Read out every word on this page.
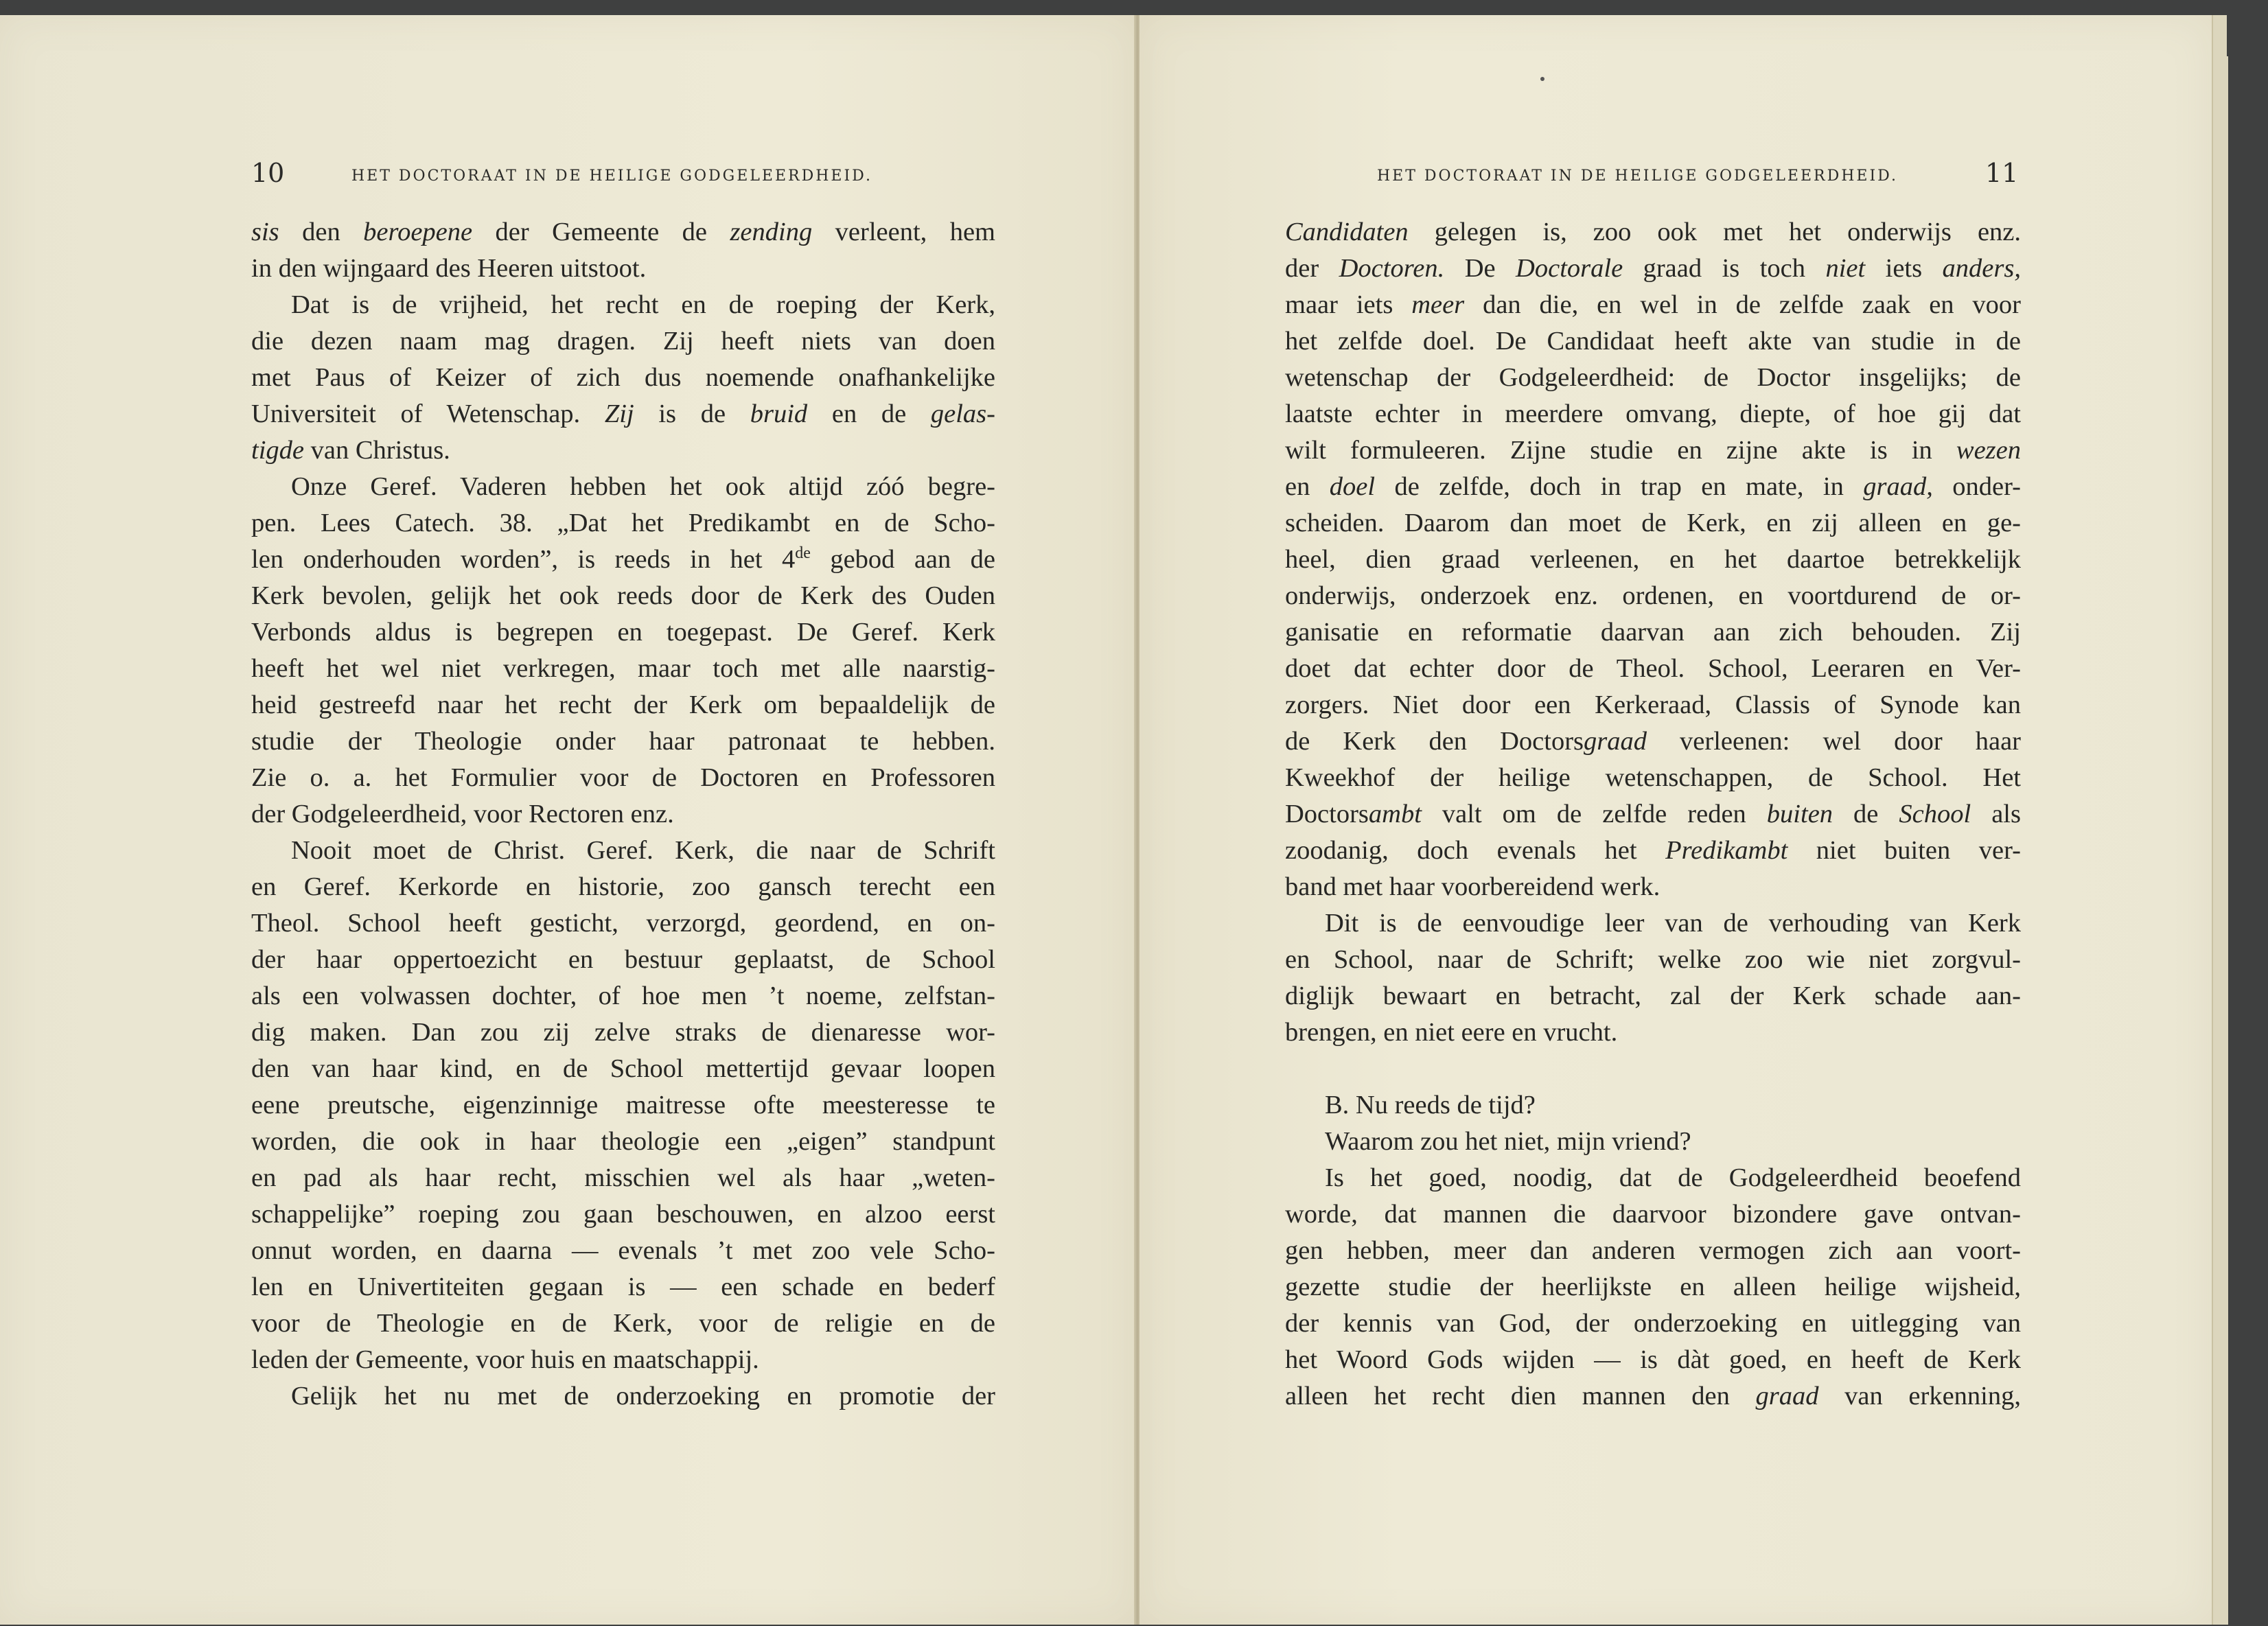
10	HET DOCTORAAT IN DE HEILIGE GODGELEERDHEID.	HET DOCTORAAT IN DE HEILIGE GODGELEERDHEID.	11
sis den beroepene der Gemeente de zending verleent, hem
in den wijngaard des Heeren uitstoot.
Dat is de vrijheid, het recht en de roeping der Kerk,
die dezen naam mag dragen. Zij heeft niets van doen
met Paus of Keizer of zich dus noemende onafhankelijke
Universiteit of Wetenschap. Zij is de bruid en de gelas-
tigde van Christus.
Onze Geref. Vaderen hebben het ook altijd zóó begre-
pen. Lees Catech. 38. „Dat het Predikambt en de Scho-
len onderhouden worden”, is reeds in het 4de gebod aan de
Kerk bevolen, gelijk het ook reeds door de Kerk des Ouden
Verbonds aldus is begrepen en toegepast. De Geref. Kerk
heeft het wel niet verkregen, maar toch met alle naarstig-
heid gestreefd naar het recht der Kerk om bepaaldelijk de
studie der Theologie onder haar patronaat te hebben.
Zie o. a. het Formulier voor de Doctoren en Professoren
der Godgeleerdheid, voor Rectoren enz.
Nooit moet de Christ. Geref. Kerk, die naar de Schrift
en Geref. Kerkorde en historie, zoo gansch terecht een
Theol. School heeft gesticht, verzorgd, geordend, en on-
der haar oppertoezicht en bestuur geplaatst, de School
als een volwassen dochter, of hoe men ’t noeme, zelfstan-
dig maken. Dan zou zij zelve straks de dienaresse wor-
den van haar kind, en de School mettertijd gevaar loopen
eene preutsche, eigenzinnige maitresse ofte meesteresse te
worden, die ook in haar theologie een „eigen” standpunt
en pad als haar recht, misschien wel als haar „weten-
schappelijke” roeping zou gaan beschouwen, en alzoo eerst
onnut worden, en daarna — evenals ’t met zoo vele Scho-
len en Univertiteiten gegaan is — een schade en bederf
voor de Theologie en de Kerk, voor de religie en de
leden der Gemeente, voor huis en maatschappij.
Gelijk het nu met de onderzoeking en promotie der
Candidaten gelegen is, zoo ook met het onderwijs enz.
der Doctoren. De Doctorale graad is toch niet iets anders,
maar iets meer dan die, en wel in de zelfde zaak en voor
het zelfde doel. De Candidaat heeft akte van studie in de
wetenschap der Godgeleerdheid: de Doctor insgelijks; de
laatste echter in meerdere omvang, diepte, of hoe gij dat
wilt formuleeren. Zijne studie en zijne akte is in wezen
en doel de zelfde, doch in trap en mate, in graad, onder-
scheiden. Daarom dan moet de Kerk, en zij alleen en ge-
heel, dien graad verleenen, en het daartoe betrekkelijk
onderwijs, onderzoek enz. ordenen, en voortdurend de or-
ganisatie en reformatie daarvan aan zich behouden. Zij
doet dat echter door de Theol. School, Leeraren en Ver-
zorgers. Niet door een Kerkeraad, Classis of Synode kan
de Kerk den Doctorsgraad verleenen: wel door haar
Kweekhof der heilige wetenschappen, de School. Het
Doctorsambt valt om de zelfde reden buiten de School als
zoodanig, doch evenals het Predikambt niet buiten ver-
band met haar voorbereidend werk.
Dit is de eenvoudige leer van de verhouding van Kerk
en School, naar de Schrift; welke zoo wie niet zorgvul-
diglijk bewaart en betracht, zal der Kerk schade aan-
brengen, en niet eere en vrucht.
B. Nu reeds de tijd?
Waarom zou het niet, mijn vriend?
Is het goed, noodig, dat de Godgeleerdheid beoefend
worde, dat mannen die daarvoor bizondere gave ontvan-
gen hebben, meer dan anderen vermogen zich aan voort-
gezette studie der heerlijkste en alleen heilige wijsheid,
der kennis van God, der onderzoeking en uitlegging van
het Woord Gods wijden — is dàt goed, en heeft de Kerk
alleen het recht dien mannen den graad van erkenning,
